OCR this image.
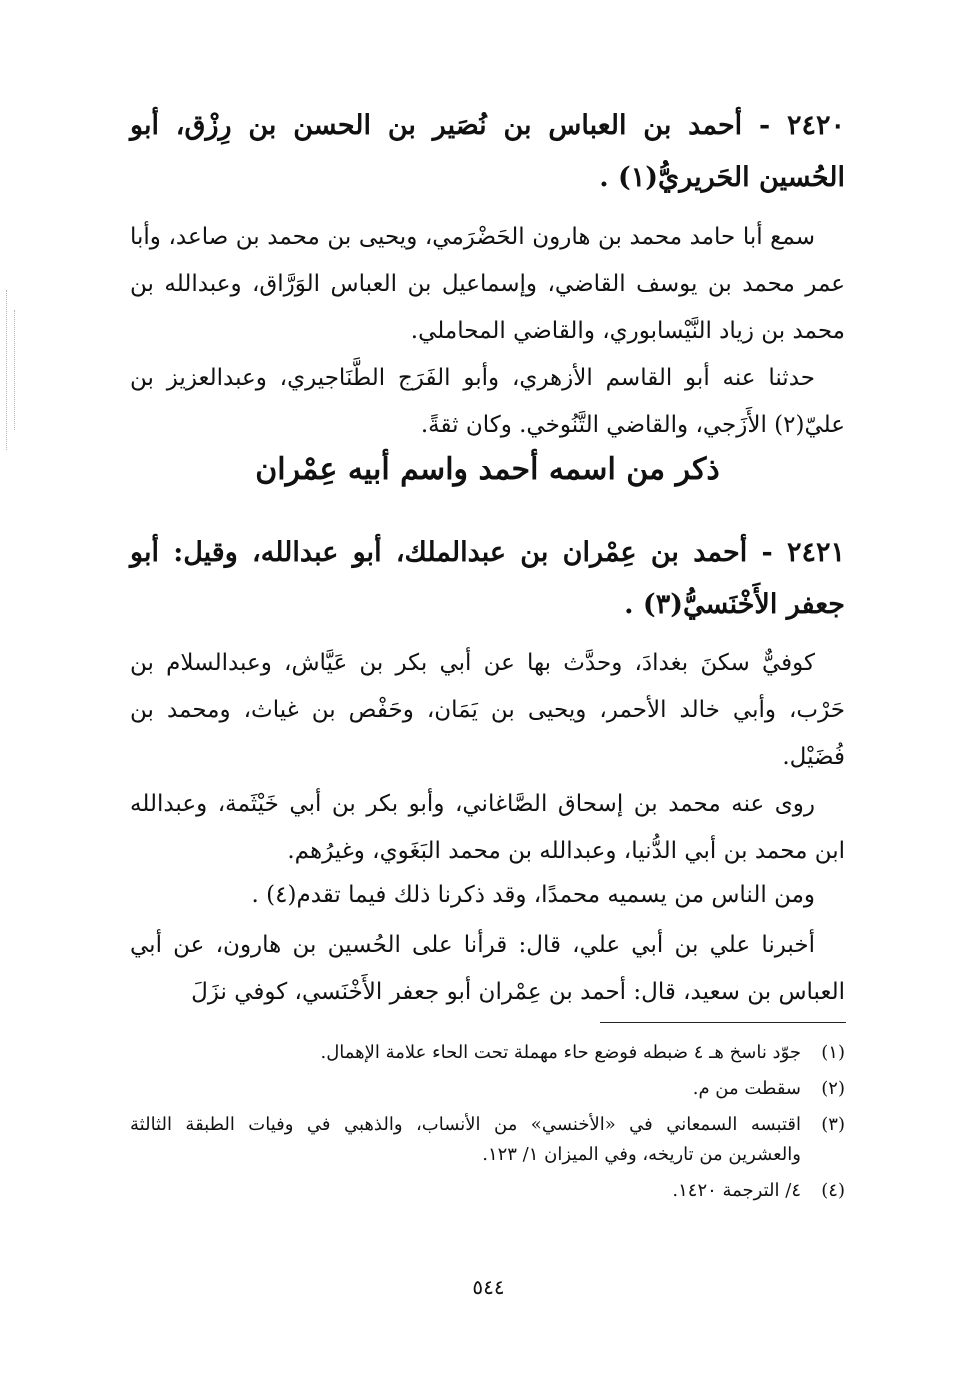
٢٤٢٠ - أحمد بن العباس بن نُصَير بن الحسن بن رِزْق، أبو الحُسين الحَريريُّ(١) .
سمع أبا حامد محمد بن هارون الحَضْرَمي، ويحيى بن محمد بن صاعد، وأبا عمر محمد بن يوسف القاضي، وإسماعيل بن العباس الوَرَّاق، وعبدالله بن محمد بن زياد النَّيْسابوري، والقاضي المحاملي.
حدثنا عنه أبو القاسم الأزهري، وأبو الفَرَج الطَّنَاجيري، وعبدالعزيز بن عليّ(٢) الأَزَجي، والقاضي التَّنُوخي. وكان ثقةً.
ذكر من اسمه أحمد واسم أبيه عِمْران
٢٤٢١ - أحمد بن عِمْران بن عبدالملك، أبو عبدالله، وقيل: أبو جعفر الأَخْنَسيُّ(٣) .
كوفيٌّ سكنَ بغدادَ، وحدَّث بها عن أبي بكر بن عَيَّاش، وعبدالسلام بن حَرْب، وأبي خالد الأحمر، ويحيى بن يَمَان، وحَفْص بن غياث، ومحمد بن فُضَيْل.
روى عنه محمد بن إسحاق الصَّاغاني، وأبو بكر بن أبي خَيْثَمة، وعبدالله ابن محمد بن أبي الدُّنيا، وعبدالله بن محمد البَغَوي، وغيرُهم.
ومن الناس من يسميه محمدًا، وقد ذكرنا ذلك فيما تقدم(٤) .
أخبرنا علي بن أبي علي، قال: قرأنا على الحُسين بن هارون، عن أبي العباس بن سعيد، قال: أحمد بن عِمْران أبو جعفر الأَخْنَسي، كوفي نزَلَ
(١)
جوّد ناسخ هـ ٤ ضبطه فوضع حاء مهملة تحت الحاء علامة الإهمال.
(٢)
سقطت من م.
(٣)
اقتبسه السمعاني في «الأخنسي» من الأنساب، والذهبي في وفيات الطبقة الثالثة والعشرين من تاريخه، وفي الميزان ١/ ١٢٣.
(٤)
٤/ الترجمة ١٤٢٠.
٥٤٤
